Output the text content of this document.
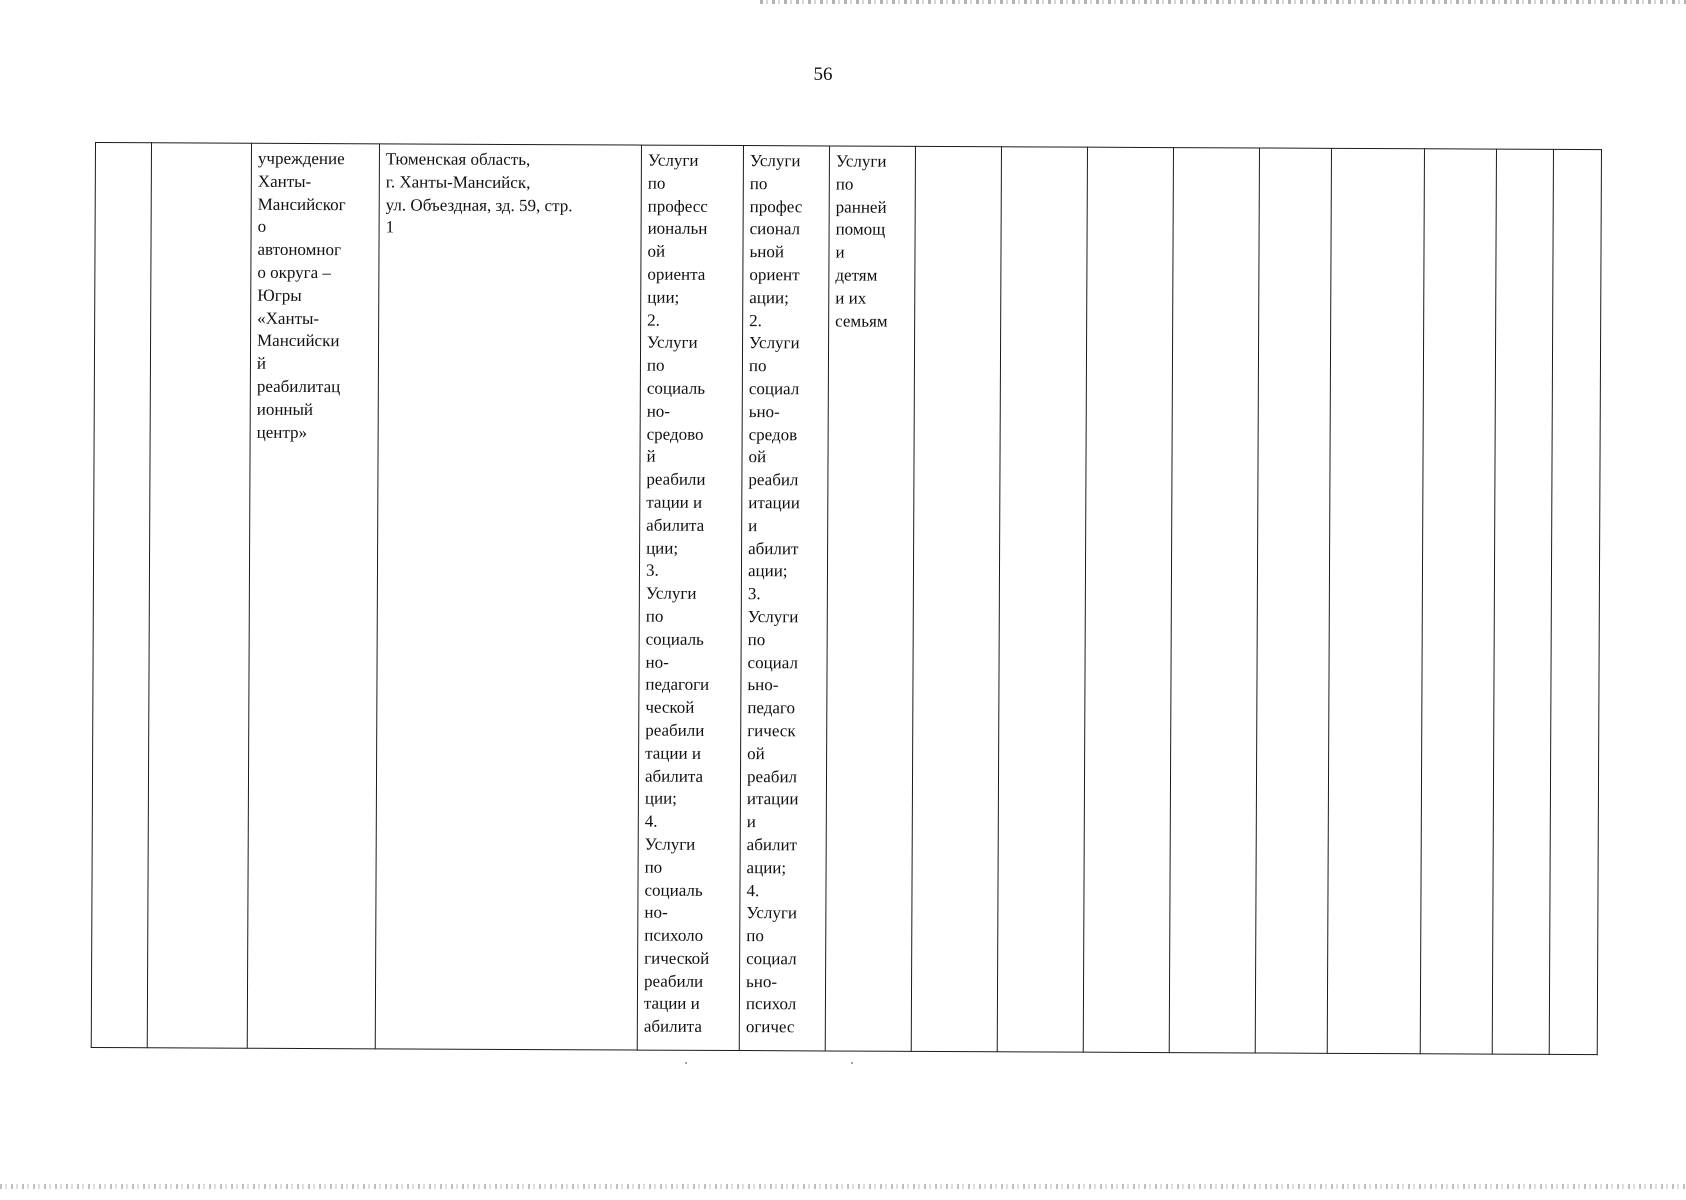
56
		учреждение
Ханты-
Мансийског
о
автономног
о округа –
Югры
«Ханты-
Мансийски
й
реабилитац
ионный
центр»	Тюменская область,
г. Ханты-Мансийск,
ул. Объездная, зд. 59, стр.
1	Услуги
по
професс
иональн
ой
ориента
ции;
2.
Услуги
по
социаль
но-
средово
й
реабили
тации и
абилита
ции;
3.
Услуги
по
социаль
но-
педагоги
ческой
реабили
тации и
абилита
ции;
4.
Услуги
по
социаль
но-
психоло
гической
реабили
тации и
абилита	Услуги
по
профес
сионал
ьной
ориент
ации;
2.
Услуги
по
социал
ьно-
средов
ой
реабил
итации
и
абилит
ации;
3.
Услуги
по
социал
ьно-
педаго
гическ
ой
реабил
итации
и
абилит
ации;
4.
Услуги
по
социал
ьно-
психол
огичес	Услуги
по
ранней
помощ
и
детям
и их
семьям									
